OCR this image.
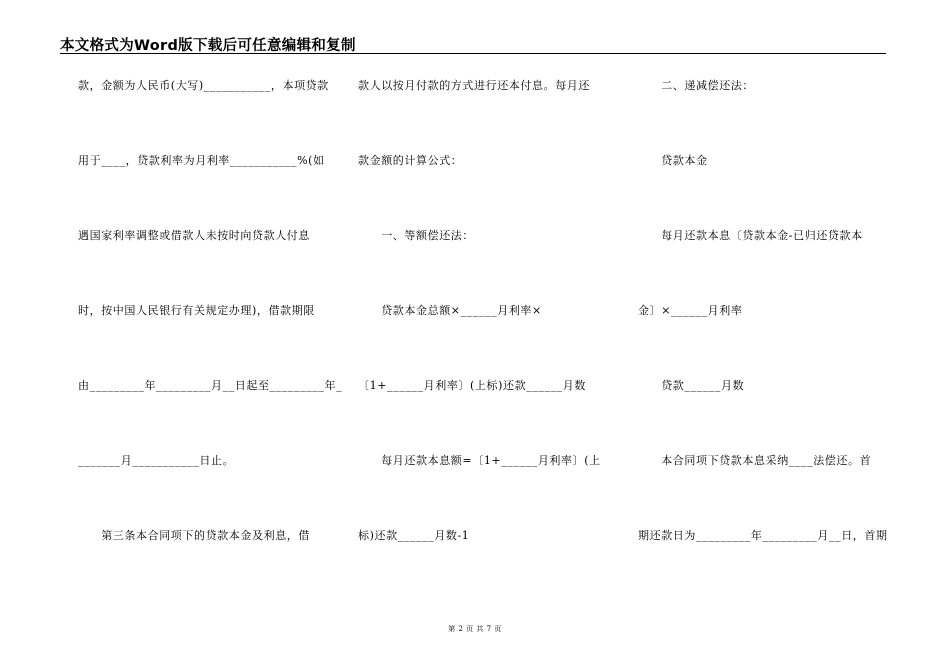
本文格式为Word版下载后可任意编辑和复制
款，金额为人民币(大写)___________，本项贷款
用于____，贷款利率为月利率___________%(如
遇国家利率调整或借款人未按时向贷款人付息
时，按中国人民银行有关规定办理)，借款期限
由_________年_________月__日起至_________年_
_______月___________日止。
　　第三条本合同项下的贷款本金及利息，借
款人以按月付款的方式进行还本付息。每月还
款金额的计算公式：
　　一、等额偿还法：
　　贷款本金总额×______月利率×
〔1+______月利率〕(上标)还款______月数
　　每月还款本息额=〔1+______月利率〕(上
标)还款______月数-1
　　二、递减偿还法：
　　贷款本金
　　每月还款本息〔贷款本金-已归还贷款本
金〕×______月利率
　　贷款______月数
　　本合同项下贷款本息采纳____法偿还。首
期还款日为_________年_________月__日，首期
第 2 页 共 7 页
